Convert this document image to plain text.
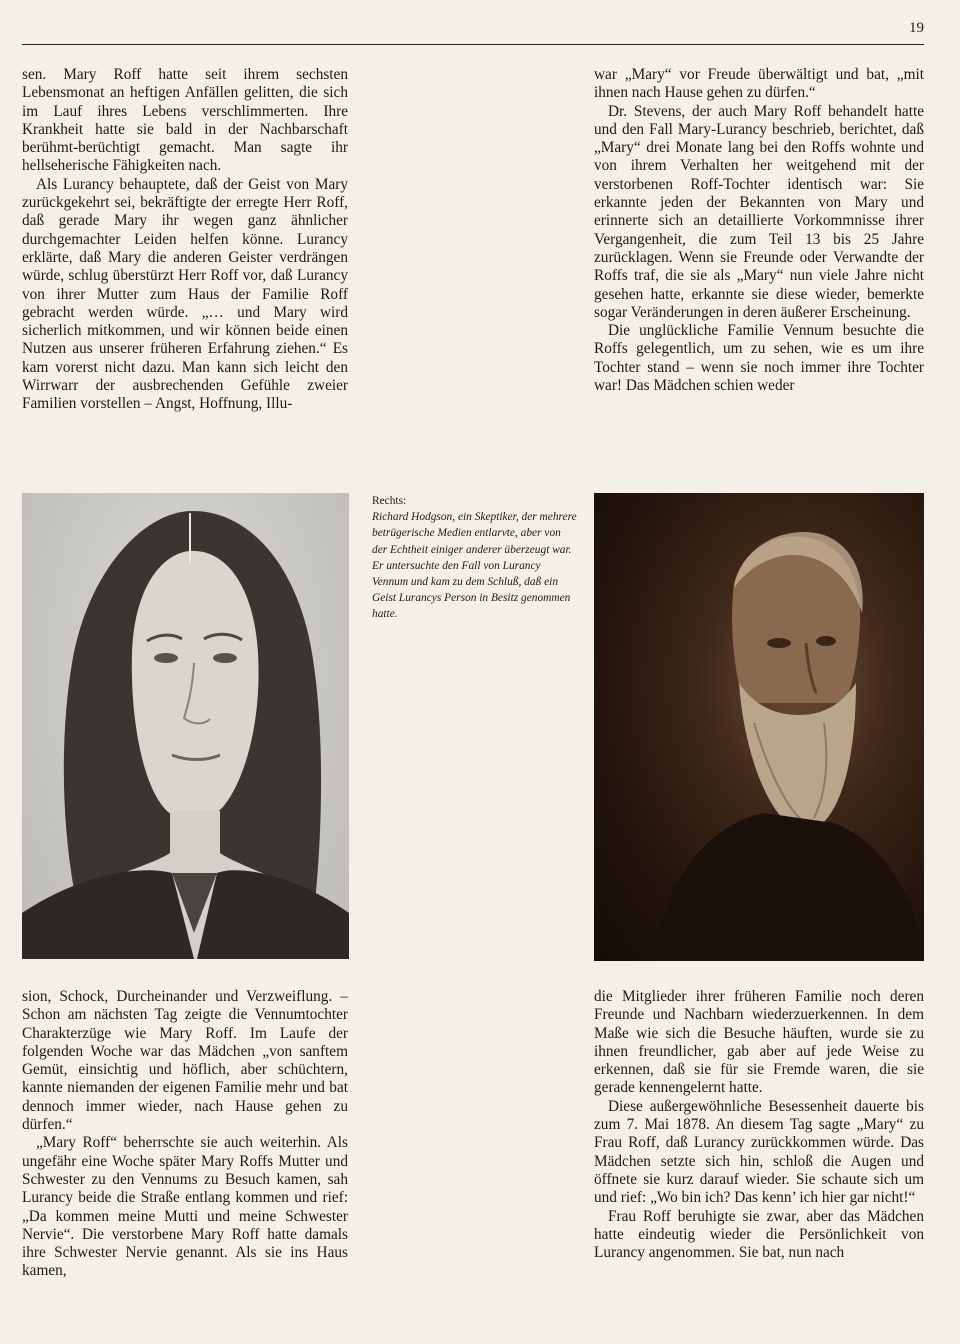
19

sen. Mary Roff hatte seit ihrem sechsten Lebensmonat an heftigen Anfällen gelitten, die sich im Lauf ihres Lebens verschlimmerten. Ihre Krankheit hatte sie bald in der Nachbarschaft berühmt-berüchtigt gemacht. Man sagte ihr hellseherische Fähigkeiten nach.

Als Lurancy behauptete, daß der Geist von Mary zurückgekehrt sei, bekräftigte der erregte Herr Roff, daß gerade Mary ihr wegen ganz ähnlicher durchgemachter Leiden helfen könne. Lurancy erklärte, daß Mary die anderen Geister verdrängen würde, schlug überstürzt Herr Roff vor, daß Lurancy von ihrer Mutter zum Haus der Familie Roff gebracht werden würde. „… und Mary wird sicherlich mitkommen, und wir können beide einen Nutzen aus unserer früheren Erfahrung ziehen.“ Es kam vorerst nicht dazu. Man kann sich leicht den Wirrwarr der ausbrechenden Gefühle zweier Familien vorstellen – Angst, Hoffnung, Illu-

war „Mary“ vor Freude überwältigt und bat, „mit ihnen nach Hause gehen zu dürfen.“

Dr. Stevens, der auch Mary Roff behandelt hatte und den Fall Mary-Lurancy beschrieb, berichtet, daß „Mary“ drei Monate lang bei den Roffs wohnte und von ihrem Verhalten her weitgehend mit der verstorbenen Roff-Tochter identisch war: Sie erkannte jeden der Bekannten von Mary und erinnerte sich an detaillierte Vorkommnisse ihrer Vergangenheit, die zum Teil 13 bis 25 Jahre zurücklagen. Wenn sie Freunde oder Verwandte der Roffs traf, die sie als „Mary“ nun viele Jahre nicht gesehen hatte, erkannte sie diese wieder, bemerkte sogar Veränderungen in deren äußerer Erscheinung.

Die unglückliche Familie Vennum besuchte die Roffs gelegentlich, um zu sehen, wie es um ihre Tochter stand – wenn sie noch immer ihre Tochter war! Das Mädchen schien weder

Rechts:
Richard Hodgson, ein Skeptiker, der mehrere betrügerische Medien entlarvte, aber von der Echtheit einiger anderer überzeugt war. Er untersuchte den Fall von Lurancy Vennum und kam zu dem Schluß, daß ein Geist Lurancys Person in Besitz genommen hatte.

sion, Schock, Durcheinander und Verzweiflung. – Schon am nächsten Tag zeigte die Vennumtochter Charakterzüge wie Mary Roff. Im Laufe der folgenden Woche war das Mädchen „von sanftem Gemüt, einsichtig und höflich, aber schüchtern, kannte niemanden der eigenen Familie mehr und bat dennoch immer wieder, nach Hause gehen zu dürfen.“

„Mary Roff“ beherrschte sie auch weiterhin. Als ungefähr eine Woche später Mary Roffs Mutter und Schwester zu den Vennums zu Besuch kamen, sah Lurancy beide die Straße entlang kommen und rief: „Da kommen meine Mutti und meine Schwester Nervie“. Die verstorbene Mary Roff hatte damals ihre Schwester Nervie genannt. Als sie ins Haus kamen,

die Mitglieder ihrer früheren Familie noch deren Freunde und Nachbarn wiederzuerkennen. In dem Maße wie sich die Besuche häuften, wurde sie zu ihnen freundlicher, gab aber auf jede Weise zu erkennen, daß sie für sie Fremde waren, die sie gerade kennengelernt hatte.

Diese außergewöhnliche Besessenheit dauerte bis zum 7. Mai 1878. An diesem Tag sagte „Mary“ zu Frau Roff, daß Lurancy zurückkommen würde. Das Mädchen setzte sich hin, schloß die Augen und öffnete sie kurz darauf wieder. Sie schaute sich um und rief: „Wo bin ich? Das kenn’ ich hier gar nicht!“

Frau Roff beruhigte sie zwar, aber das Mädchen hatte eindeutig wieder die Persönlichkeit von Lurancy angenommen. Sie bat, nun nach
